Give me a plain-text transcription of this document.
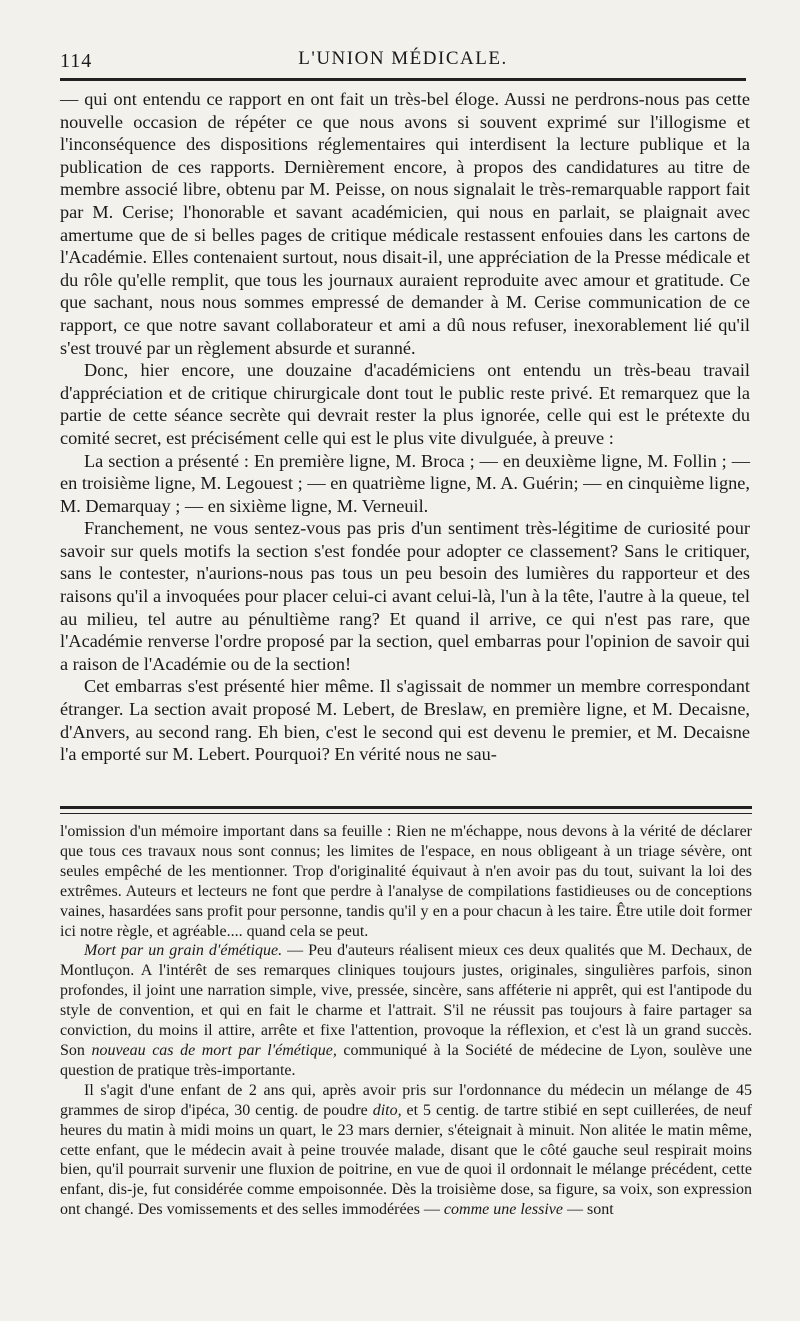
114	L'UNION MÉDICALE.

— qui ont entendu ce rapport en ont fait un très-bel éloge. Aussi ne perdrons-nous pas cette nouvelle occasion de répéter ce que nous avons si souvent exprimé sur l'illogisme et l'inconséquence des dispositions réglementaires qui interdisent la lecture publique et la publication de ces rapports. Dernièrement encore, à propos des candidatures au titre de membre associé libre, obtenu par M. Peisse, on nous signalait le très-remarquable rapport fait par M. Cerise; l'honorable et savant académicien, qui nous en parlait, se plaignait avec amertume que de si belles pages de critique médicale restassent enfouies dans les cartons de l'Académie. Elles contenaient surtout, nous disait-il, une appréciation de la Presse médicale et du rôle qu'elle remplit, que tous les journaux auraient reproduite avec amour et gratitude. Ce que sachant, nous nous sommes empressé de demander à M. Cerise communication de ce rapport, ce que notre savant collaborateur et ami a dû nous refuser, inexorablement lié qu'il s'est trouvé par un règlement absurde et suranné.

Donc, hier encore, une douzaine d'académiciens ont entendu un très-beau travail d'appréciation et de critique chirurgicale dont tout le public reste privé. Et remarquez que la partie de cette séance secrète qui devrait rester la plus ignorée, celle qui est le prétexte du comité secret, est précisément celle qui est le plus vite divulguée, à preuve :

La section a présenté : En première ligne, M. Broca ; — en deuxième ligne, M. Follin ; — en troisième ligne, M. Legouest ; — en quatrième ligne, M. A. Guérin; — en cinquième ligne, M. Demarquay ; — en sixième ligne, M. Verneuil.

Franchement, ne vous sentez-vous pas pris d'un sentiment très-légitime de curiosité pour savoir sur quels motifs la section s'est fondée pour adopter ce classement? Sans le critiquer, sans le contester, n'aurions-nous pas tous un peu besoin des lumières du rapporteur et des raisons qu'il a invoquées pour placer celui-ci avant celui-là, l'un à la tête, l'autre à la queue, tel au milieu, tel autre au pénultième rang? Et quand il arrive, ce qui n'est pas rare, que l'Académie renverse l'ordre proposé par la section, quel embarras pour l'opinion de savoir qui a raison de l'Académie ou de la section!

Cet embarras s'est présenté hier même. Il s'agissait de nommer un membre correspondant étranger. La section avait proposé M. Lebert, de Breslaw, en première ligne, et M. Decaisne, d'Anvers, au second rang. Eh bien, c'est le second qui est devenu le premier, et M. Decaisne l'a emporté sur M. Lebert. Pourquoi? En vérité nous ne sau-

l'omission d'un mémoire important dans sa feuille : Rien ne m'échappe, nous devons à la vérité de déclarer que tous ces travaux nous sont connus; les limites de l'espace, en nous obligeant à un triage sévère, ont seules empêché de les mentionner. Trop d'originalité équivaut à n'en avoir pas du tout, suivant la loi des extrêmes. Auteurs et lecteurs ne font que perdre à l'analyse de compilations fastidieuses ou de conceptions vaines, hasardées sans profit pour personne, tandis qu'il y en a pour chacun à les taire. Être utile doit former ici notre règle, et agréable.... quand cela se peut.

Mort par un grain d'émétique. — Peu d'auteurs réalisent mieux ces deux qualités que M. Dechaux, de Montluçon. A l'intérêt de ses remarques cliniques toujours justes, originales, singulières parfois, sinon profondes, il joint une narration simple, vive, pressée, sincère, sans afféterie ni apprêt, qui est l'antipode du style de convention, et qui en fait le charme et l'attrait. S'il ne réussit pas toujours à faire partager sa conviction, du moins il attire, arrête et fixe l'attention, provoque la réflexion, et c'est là un grand succès. Son nouveau cas de mort par l'émétique, communiqué à la Société de médecine de Lyon, soulève une question de pratique très-importante.

Il s'agit d'une enfant de 2 ans qui, après avoir pris sur l'ordonnance du médecin un mélange de 45 grammes de sirop d'ipéca, 30 centig. de poudre dito, et 5 centig. de tartre stibié en sept cuillerées, de neuf heures du matin à midi moins un quart, le 23 mars dernier, s'éteignait à minuit. Non alitée le matin même, cette enfant, que le médecin avait à peine trouvée malade, disant que le côté gauche seul respirait moins bien, qu'il pourrait survenir une fluxion de poitrine, en vue de quoi il ordonnait le mélange précédent, cette enfant, dis-je, fut considérée comme empoisonnée. Dès la troisième dose, sa figure, sa voix, son expression ont changé. Des vomissements et des selles immodérées — comme une lessive — sont
